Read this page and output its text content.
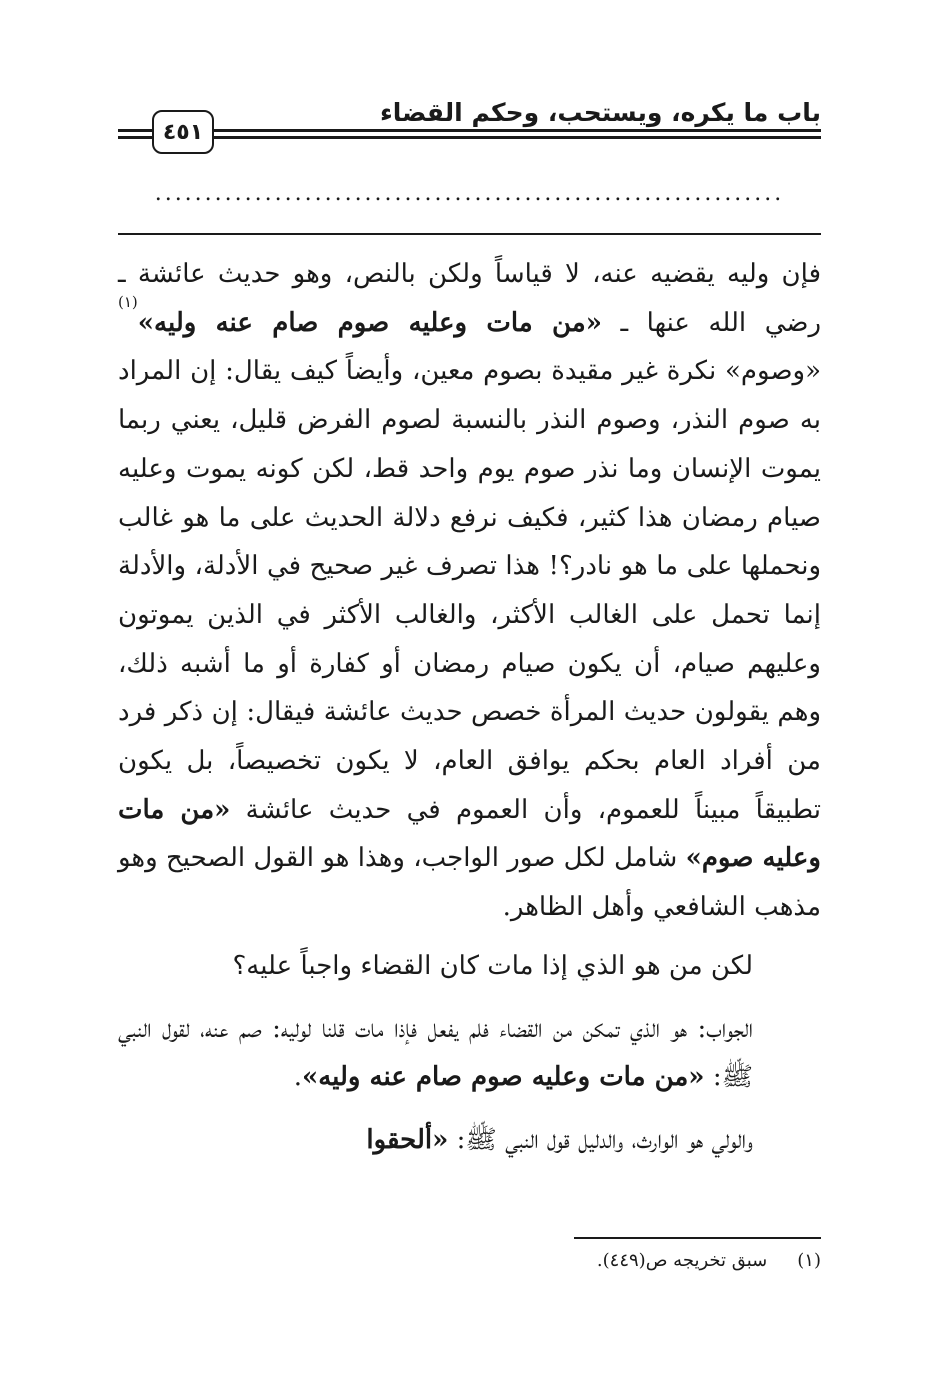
باب ما يكره، ويستحب، وحكم القضاء
٤٥١
...............................................................

فإن وليه يقضيه عنه، لا قياساً ولكن بالنص، وهو حديث عائشة ـ رضي الله عنها ـ «من مات وعليه صوم صام عنه وليه»$^{(١)}$ «وصوم» نكرة غير مقيدة بصوم معين، وأيضاً كيف يقال: إن المراد به صوم النذر، وصوم النذر بالنسبة لصوم الفرض قليل، يعني ربما يموت الإنسان وما نذر صوم يوم واحد قط، لكن كونه يموت وعليه صيام رمضان هذا كثير، فكيف نرفع دلالة الحديث على ما هو غالب ونحملها على ما هو نادر؟! هذا تصرف غير صحيح في الأدلة، والأدلة إنما تحمل على الغالب الأكثر، والغالب الأكثر في الذين يموتون وعليهم صيام، أن يكون صيام رمضان أو كفارة أو ما أشبه ذلك، وهم يقولون حديث المرأة خصص حديث عائشة فيقال: إن ذكر فرد من أفراد العام بحكم يوافق العام، لا يكون تخصيصاً، بل يكون تطبيقاً مبيناً للعموم، وأن العموم في حديث عائشة «من مات وعليه صوم» شامل لكل صور الواجب، وهذا هو القول الصحيح وهو مذهب الشافعي وأهل الظاهر.

لكن من هو الذي إذا مات كان القضاء واجباً عليه؟

الجواب: هو الذي تمكن من القضاء فلم يفعل فإذا مات قلنا لوليه: صم عنه، لقول النبي ﷺ: «من مات وعليه صوم صام عنه وليه».

والولي هو الوارث، والدليل قول النبي ﷺ: «ألحقوا

(١)سبق تخريجه ص(٤٤٩).
